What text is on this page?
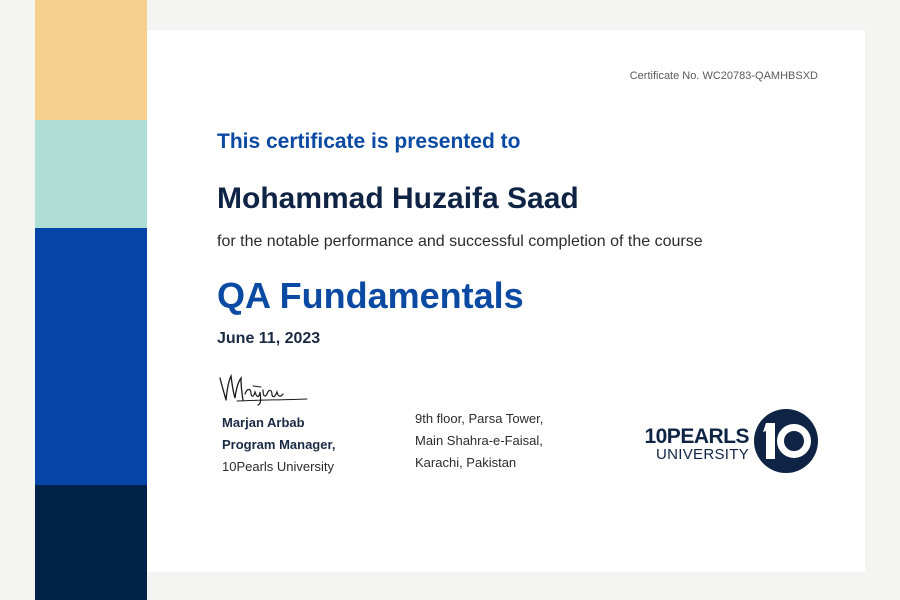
Certificate No. WC20783-QAMHBSXD
This certificate is presented to
Mohammad Huzaifa Saad
for the notable performance and successful completion of the course
QA Fundamentals
June 11, 2023
Marjan Arbab
Program Manager,
10Pearls University
9th floor, Parsa Tower,
Main Shahra-e-Faisal,
Karachi, Pakistan
10PEARLS
UNIVERSITY
